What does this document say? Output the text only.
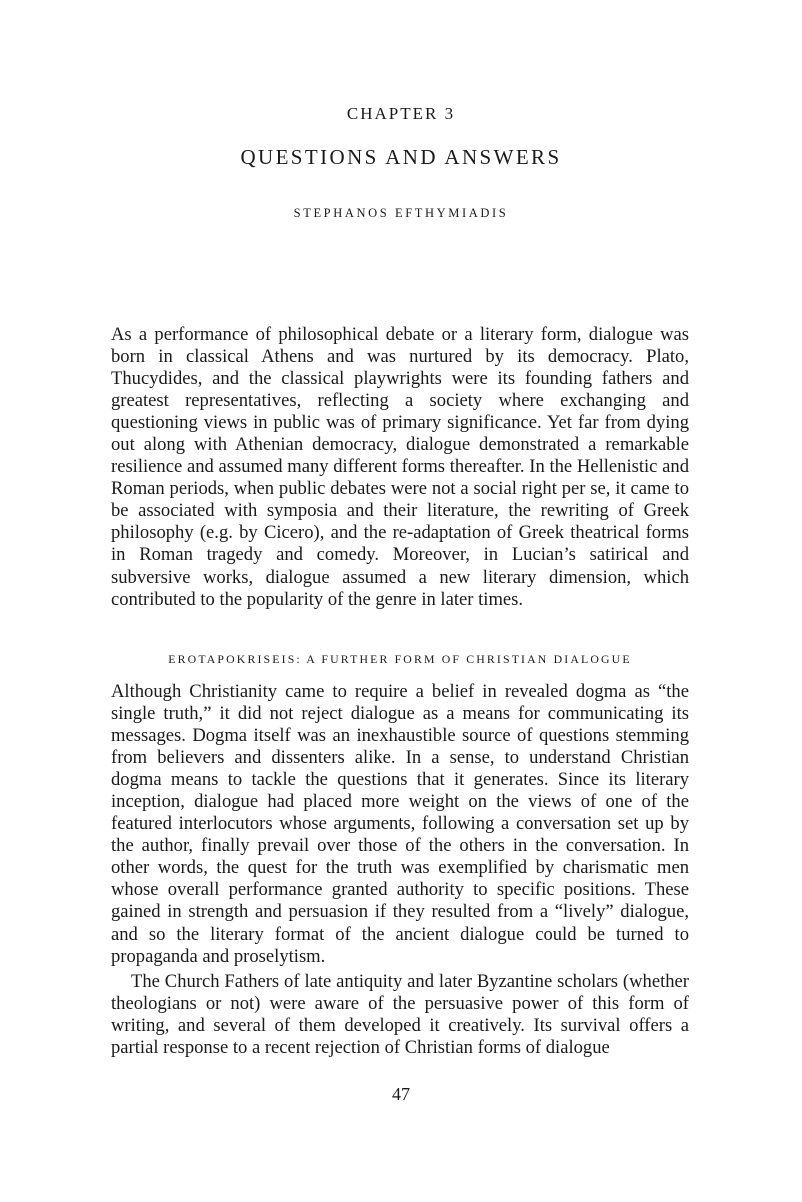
CHAPTER 3
QUESTIONS AND ANSWERS
STEPHANOS EFTHYMIADIS

As a performance of philosophical debate or a literary form, dialogue was born in classical Athens and was nurtured by its democracy. Plato, Thucydides, and the classical playwrights were its founding fathers and greatest representatives, reflecting a society where exchanging and questioning views in public was of primary significance. Yet far from dying out along with Athenian democracy, dialogue demonstrated a remarkable resilience and assumed many different forms thereafter. In the Hellenistic and Roman periods, when public debates were not a social right per se, it came to be associated with symposia and their literature, the rewriting of Greek philosophy (e.g. by Cicero), and the re-adaptation of Greek theatrical forms in Roman tragedy and comedy. Moreover, in Lucian’s satirical and subversive works, dialogue assumed a new literary dimension, which contributed to the popularity of the genre in later times.

EROTAPOKRISEIS: A FURTHER FORM OF CHRISTIAN DIALOGUE

Although Christianity came to require a belief in revealed dogma as “the single truth,” it did not reject dialogue as a means for communicating its messages. Dogma itself was an inexhaustible source of questions stemming from believers and dissenters alike. In a sense, to understand Christian dogma means to tackle the questions that it generates. Since its literary inception, dialogue had placed more weight on the views of one of the featured interlocutors whose arguments, following a conversation set up by the author, finally prevail over those of the others in the conversation. In other words, the quest for the truth was exemplified by charismatic men whose overall performance granted authority to specific positions. These gained in strength and persuasion if they resulted from a “lively” dialogue, and so the literary format of the ancient dialogue could be turned to propaganda and proselytism.

The Church Fathers of late antiquity and later Byzantine scholars (whether theologians or not) were aware of the persuasive power of this form of writing, and several of them developed it creatively. Its survival offers a partial response to a recent rejection of Christian forms of dialogue

47
